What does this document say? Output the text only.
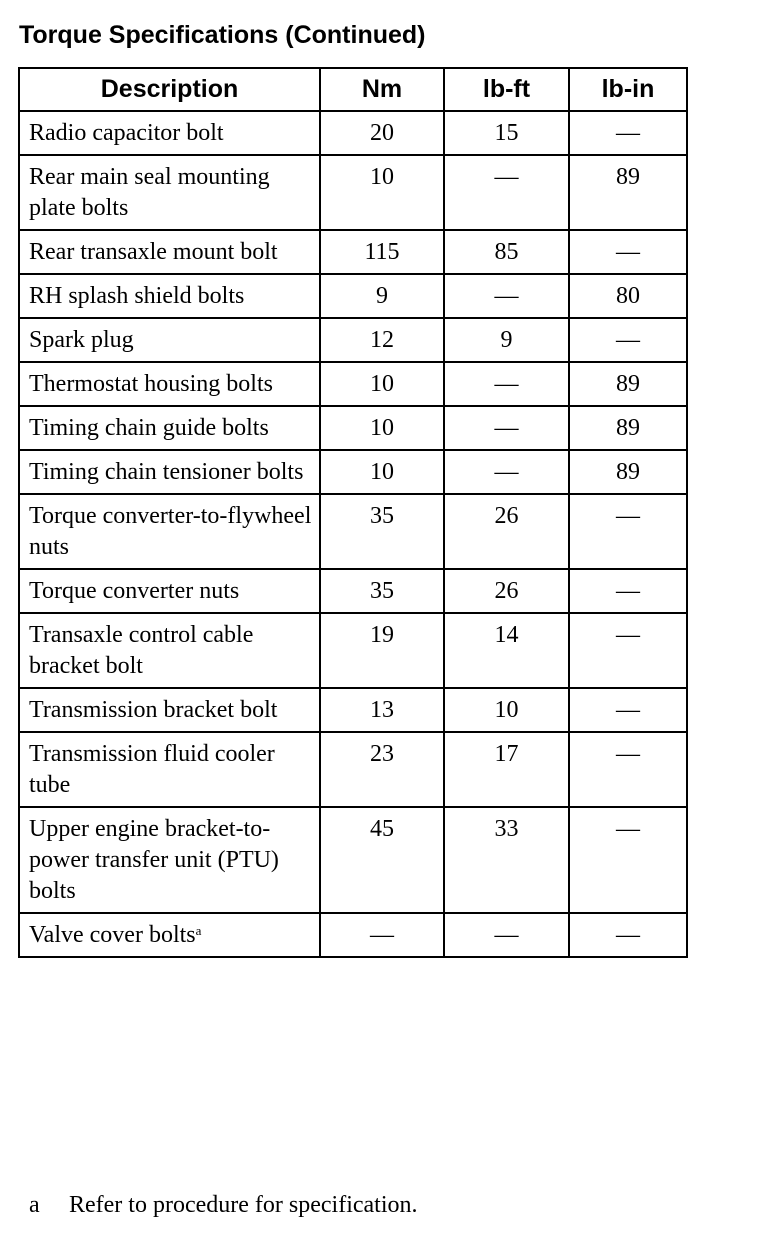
Torque Specifications (Continued)
Description	Nm	lb-ft	lb-in
Radio capacitor bolt	20	15	—
Rear main seal mounting plate bolts	10	—	89
Rear transaxle mount bolt	115	85	—
RH splash shield bolts	9	—	80
Spark plug	12	9	—
Thermostat housing bolts	10	—	89
Timing chain guide bolts	10	—	89
Timing chain tensioner bolts	10	—	89
Torque converter-to-flywheel nuts	35	26	—
Torque converter nuts	35	26	—
Transaxle control cable bracket bolt	19	14	—
Transmission bracket bolt	13	10	—
Transmission fluid cooler tube	23	17	—
Upper engine bracket-to-power transfer unit (PTU) bolts	45	33	—
Valve cover bolts$^a$	—	—	—
a Refer to procedure for specification.
